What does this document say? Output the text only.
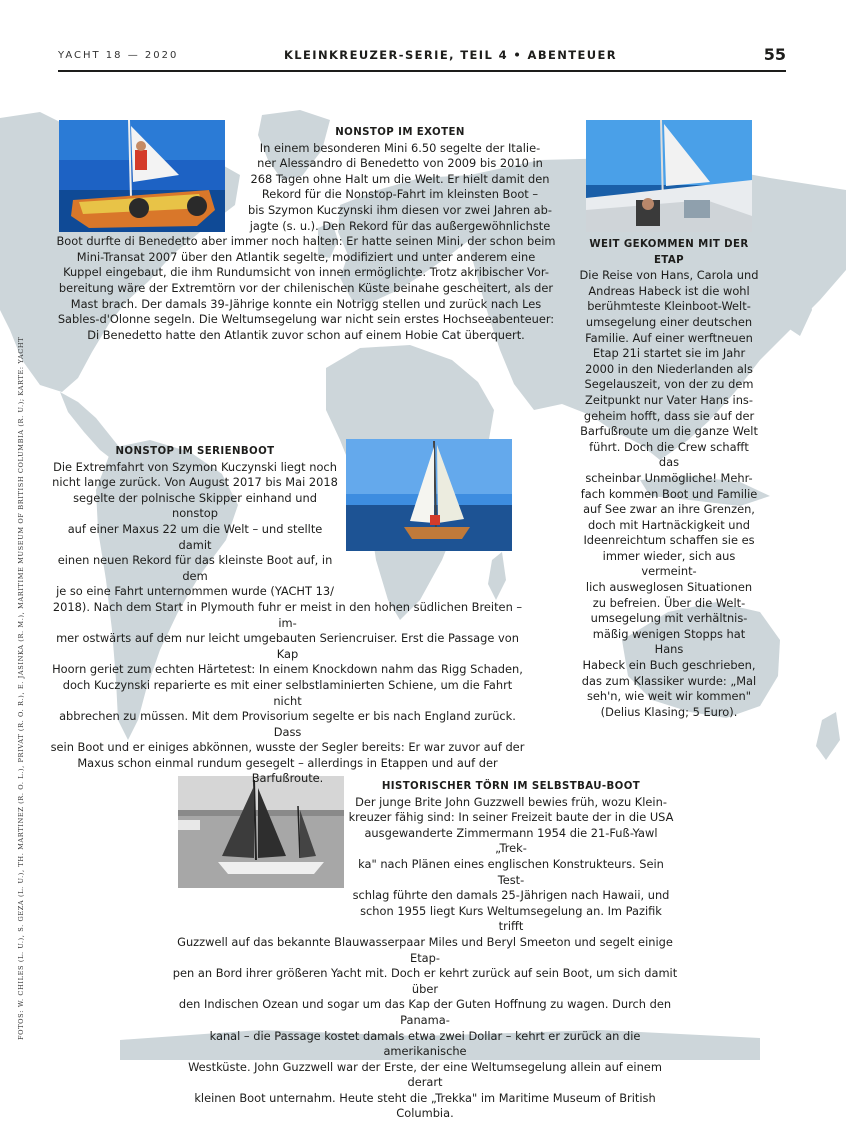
YACHT 18 — 2020	KLEINKREUZER-SERIE, TEIL 4 • ABENTEUER	55
FOTOS: W. CHILES (L. U.), S. GEZA (L. U.), TH. MARTINEZ (R. O. L.), PRIVAT (R. O. R.), E. JASINKA (R. M.), MARITIME MUSEUM OF BRITISH COLUMBIA (R. U.); KARTE: YACHT

NONSTOP IM EXOTEN

In einem besonderen Mini 6.50 segelte der Italie-

ner Alessandro di Benedetto von 2009 bis 2010 in

268 Tagen ohne Halt um die Welt. Er hielt damit den

Rekord für die Nonstop-Fahrt im kleinsten Boot –

bis Szymon Kuczynski ihm diesen vor zwei Jahren ab-

jagte (s. u.). Den Rekord für das außergewöhnlichste

Boot durfte di Benedetto aber immer noch halten: Er hatte seinen Mini, der schon beim

Mini-Transat 2007 über den Atlantik segelte, modifiziert und unter anderem eine

Kuppel eingebaut, die ihm Rundumsicht von innen ermöglichte. Trotz akribischer Vor-

bereitung wäre der Extremtörn vor der chilenischen Küste beinahe gescheitert, als der

Mast brach. Der damals 39-Jährige konnte ein Notrigg stellen und zurück nach Les

Sables-d'Olonne segeln. Die Weltumsegelung war nicht sein erstes Hochseeabenteuer:

Di Benedetto hatte den Atlantik zuvor schon auf einem Hobie Cat überquert.

WEIT GEKOMMEN MIT DER ETAP

Die Reise von Hans, Carola und

Andreas Habeck ist die wohl

berühmteste Kleinboot-Welt-

umsegelung einer deutschen

Familie. Auf einer werftneuen

Etap 21i startet sie im Jahr

2000 in den Niederlanden als

Segelauszeit, von der zu dem

Zeitpunkt nur Vater Hans ins-

geheim hofft, dass sie auf der

Barfußroute um die ganze Welt

führt. Doch die Crew schafft das

scheinbar Unmögliche! Mehr-

fach kommen Boot und Familie

auf See zwar an ihre Grenzen,

doch mit Hartnäckigkeit und

Ideenreichtum schaffen sie es

immer wieder, sich aus vermeint-

lich ausweglosen Situationen

zu befreien. Über die Welt-

umsegelung mit verhältnis-

mäßig wenigen Stopps hat Hans

Habeck ein Buch geschrieben,

das zum Klassiker wurde: „Mal

seh'n, wie weit wir kommen"

(Delius Klasing; 5 Euro).

NONSTOP IM SERIENBOOT

Die Extremfahrt von Szymon Kuczynski liegt noch

nicht lange zurück. Von August 2017 bis Mai 2018

segelte der polnische Skipper einhand und nonstop

auf einer Maxus 22 um die Welt – und stellte damit

einen neuen Rekord für das kleinste Boot auf, in dem

je so eine Fahrt unternommen wurde (YACHT 13/

2018). Nach dem Start in Plymouth fuhr er meist in den hohen südlichen Breiten – im-

mer ostwärts auf dem nur leicht umgebauten Seriencruiser. Erst die Passage von Kap

Hoorn geriet zum echten Härtetest: In einem Knockdown nahm das Rigg Schaden,

doch Kuczynski reparierte es mit einer selbstlaminierten Schiene, um die Fahrt nicht

abbrechen zu müssen. Mit dem Provisorium segelte er bis nach England zurück. Dass

sein Boot und er einiges abkönnen, wusste der Segler bereits: Er war zuvor auf der

Maxus schon einmal rundum gesegelt – allerdings in Etappen und auf der Barfußroute.

HISTORISCHER TÖRN IM SELBSTBAU-BOOT

Der junge Brite John Guzzwell bewies früh, wozu Klein-

kreuzer fähig sind: In seiner Freizeit baute der in die USA

ausgewanderte Zimmermann 1954 die 21-Fuß-Yawl „Trek-

ka" nach Plänen eines englischen Konstrukteurs. Sein Test-

schlag führte den damals 25-Jährigen nach Hawaii, und

schon 1955 liegt Kurs Weltumsegelung an. Im Pazifik trifft

Guzzwell auf das bekannte Blauwasserpaar Miles und Beryl Smeeton und segelt einige Etap-

pen an Bord ihrer größeren Yacht mit. Doch er kehrt zurück auf sein Boot, um sich damit über

den Indischen Ozean und sogar um das Kap der Guten Hoffnung zu wagen. Durch den Panama-

kanal – die Passage kostet damals etwa zwei Dollar – kehrt er zurück an die amerikanische

Westküste. John Guzzwell war der Erste, der eine Weltumsegelung allein auf einem derart

kleinen Boot unternahm. Heute steht die „Trekka" im Maritime Museum of British Columbia.
